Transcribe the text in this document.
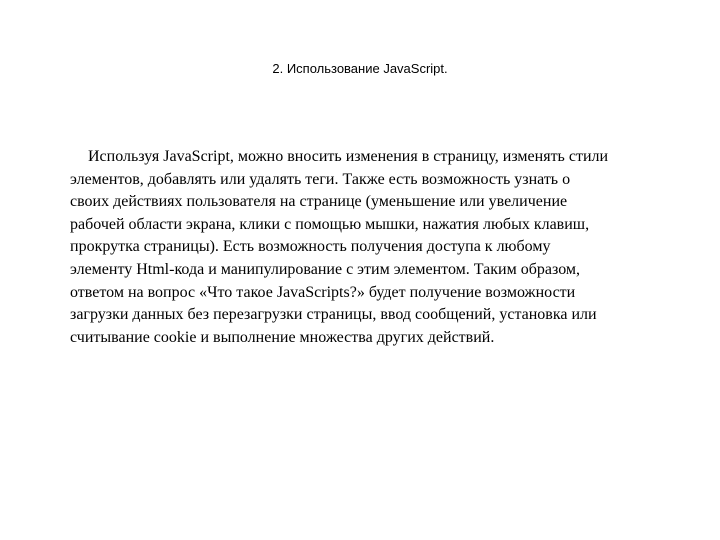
2. Использование JavaScript.

Используя JavaScript, можно вносить изменения в страницу, изменять стили
элементов, добавлять или удалять теги. Также есть возможность узнать о
своих действиях пользователя на странице (уменьшение или увеличение
рабочей области экрана, клики с помощью мышки, нажатия любых клавиш,
прокрутка страницы). Есть возможность получения доступа к любому
элементу Html-кода и манипулирование с этим элементом. Таким образом,
ответом на вопрос «Что такое JavaScripts?» будет получение возможности
загрузки данных без перезагрузки страницы, ввод сообщений, установка или
считывание cookie и выполнение множества других действий.
